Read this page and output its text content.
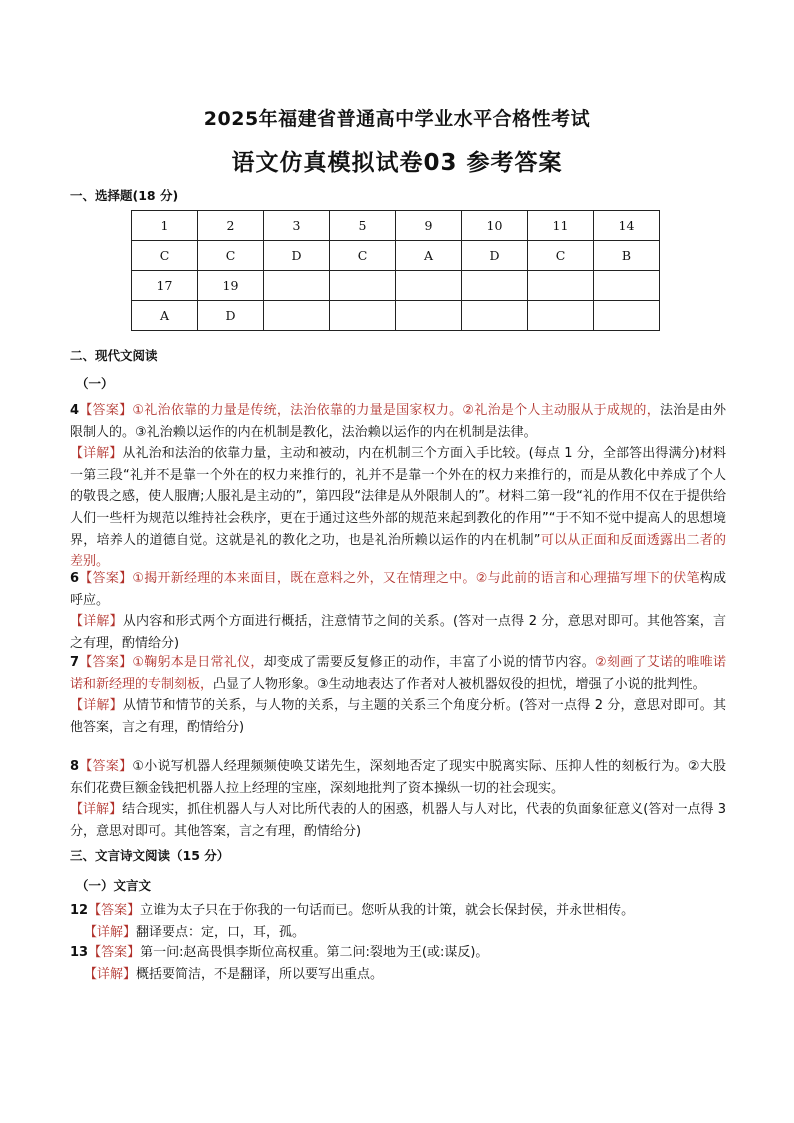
2025年福建省普通高中学业水平合格性考试
语文仿真模拟试卷03 参考答案
一、选择题(18 分)
1	2	3	5	9	10	11	14
C	C	D	C	A	D	C	B
17	19						
A	D						
二、现代文阅读
（一）
4【答案】①礼治依靠的力量是传统，法治依靠的力量是国家权力。②礼治是个人主动服从于成规的，法治是由外限制人的。③礼治赖以运作的内在机制是教化，法治赖以运作的内在机制是法律。
【详解】从礼治和法治的依靠力量，主动和被动，内在机制三个方面入手比较。(每点 1 分，全部答出得满分)材料一第三段“礼并不是靠一个外在的权力来推行的，礼并不是靠一个外在的权力来推行的，而是从教化中养成了个人的敬畏之感，使人服膺;人服礼是主动的”，第四段“法律是从外限制人的”。材料二第一段“礼的作用不仅在于提供给人们一些杆为规范以维持社会秩序，更在于通过这些外部的规范来起到教化的作用”“于不知不觉中提高人的思想境界，培养人的道德自觉。这就是礼的教化之功，也是礼治所赖以运作的内在机制”可以从正面和反面透露出二者的差别。
6【答案】①揭开新经理的本来面目，既在意料之外，又在情理之中。②与此前的语言和心理描写埋下的伏笔构成呼应。
【详解】从内容和形式两个方面进行概括，注意情节之间的关系。(答对一点得 2 分，意思对即可。其他答案，言之有理，酌情给分)
7【答案】①鞠躬本是日常礼仪，却变成了需要反复修正的动作，丰富了小说的情节内容。②刻画了艾诺的唯唯诺诺和新经理的专制刻板，凸显了人物形象。③生动地表达了作者对人被机器奴役的担忧，增强了小说的批判性。
【详解】从情节和情节的关系，与人物的关系，与主题的关系三个角度分析。(答对一点得 2 分，意思对即可。其他答案，言之有理，酌情给分)
8【答案】①小说写机器人经理频频使唤艾诺先生，深刻地否定了现实中脱离实际、压抑人性的刻板行为。②大股东们花费巨额金钱把机器人拉上经理的宝座，深刻地批判了资本操纵一切的社会现实。
【详解】结合现实，抓住机器人与人对比所代表的人的困惑，机器人与人对比，代表的负面象征意义(答对一点得 3 分，意思对即可。其他答案，言之有理，酌情给分)
三、文言诗文阅读（15 分）
（一）文言文
12【答案】立谁为太子只在于你我的一句话而已。您听从我的计策，就会长保封侯，并永世相传。
【详解】翻译要点：定，口，耳，孤。
13【答案】第一问:赵高畏惧李斯位高权重。第二问:裂地为王(或:谋反)。
【详解】概括要简洁，不是翻译，所以要写出重点。
